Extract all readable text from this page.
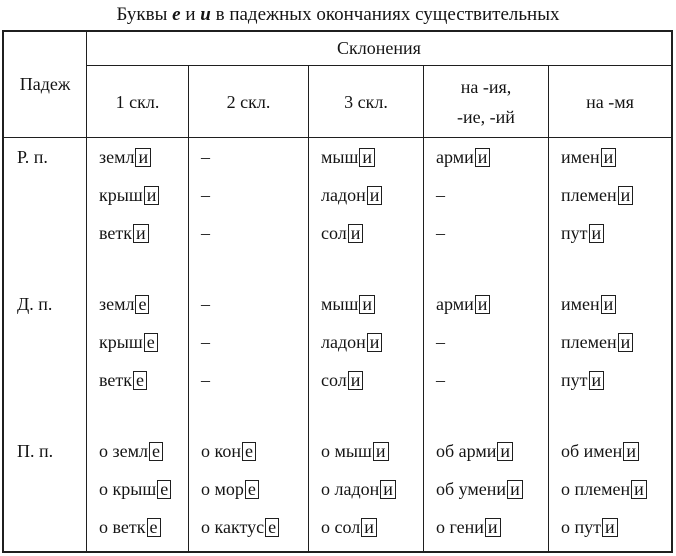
Буквы е и и в падежных окончаниях существительных
Падеж
Склонения
1 скл.	2 скл.	3 скл.
на -ия,
-ие, -ий
на -мя
Р. п.
Д. п.
П. п.
земл и
крыш и
ветк и
земл е
крыш е
ветк е
о земл е
о крыш е
о ветк е
–
–
–
–
–
–
о кон е
о мор е
о кактус е
мыш и
ладон и
сол и
мыш и
ладон и
сол и
о мыш и
о ладон и
о сол и
арми и
–
–
арми и
–
–
об арми и
об умени и
о гени и
имен и
племен и
пут и
имен и
племен и
пут и
об имен и
о племен и
о пут и
